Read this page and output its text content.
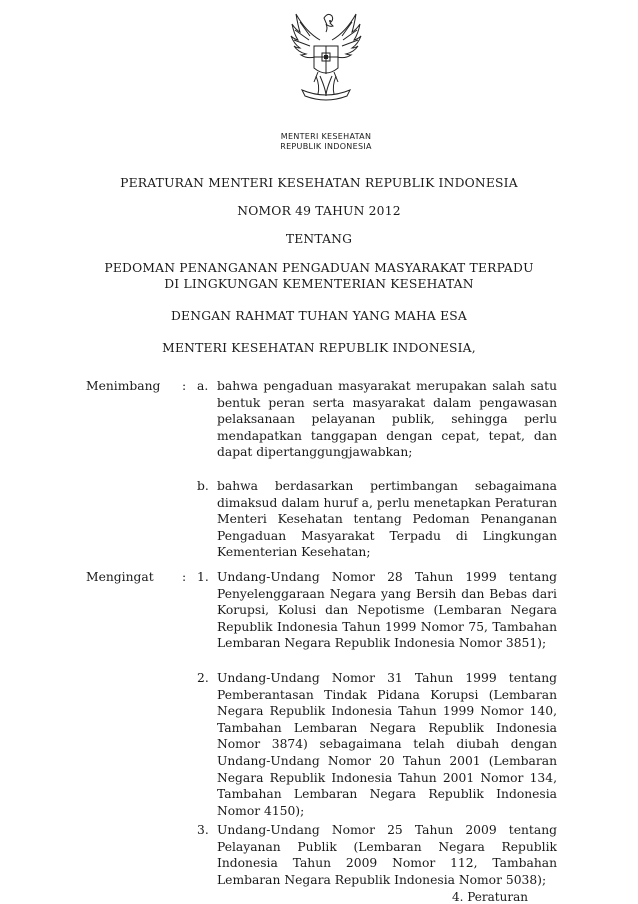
MENTERI KESEHATAN
REPUBLIK INDONESIA
PERATURAN MENTERI KESEHATAN REPUBLIK INDONESIA
NOMOR 49 TAHUN 2012
TENTANG
PEDOMAN PENANGANAN PENGADUAN MASYARAKAT TERPADU
DI LINGKUNGAN KEMENTERIAN KESEHATAN
DENGAN RAHMAT TUHAN YANG MAHA ESA
MENTERI KESEHATAN REPUBLIK INDONESIA,
Menimbang : a. bahwa pengaduan masyarakat merupakan salah satu bentuk peran serta masyarakat dalam pengawasan pelaksanaan pelayanan publik, sehingga perlu mendapatkan tanggapan dengan cepat, tepat, dan dapat dipertanggungjawabkan;
b. bahwa berdasarkan pertimbangan sebagaimana dimaksud dalam huruf a, perlu menetapkan Peraturan Menteri Kesehatan tentang Pedoman Penanganan Pengaduan Masyarakat Terpadu di Lingkungan Kementerian Kesehatan;
Mengingat : 1. Undang-Undang Nomor 28 Tahun 1999 tentang Penyelenggaraan Negara yang Bersih dan Bebas dari Korupsi, Kolusi dan Nepotisme (Lembaran Negara Republik Indonesia Tahun 1999 Nomor 75, Tambahan Lembaran Negara Republik Indonesia Nomor 3851);
2. Undang-Undang Nomor 31 Tahun 1999 tentang Pemberantasan Tindak Pidana Korupsi (Lembaran Negara Republik Indonesia Tahun 1999 Nomor 140, Tambahan Lembaran Negara Republik Indonesia Nomor 3874) sebagaimana telah diubah dengan Undang-Undang Nomor 20 Tahun 2001 (Lembaran Negara Republik Indonesia Tahun 2001 Nomor 134, Tambahan Lembaran Negara Republik Indonesia Nomor 4150);
3. Undang-Undang Nomor 25 Tahun 2009 tentang Pelayanan Publik (Lembaran Negara Republik Indonesia Tahun 2009 Nomor 112, Tambahan Lembaran Negara Republik Indonesia Nomor 5038);
4. Peraturan
